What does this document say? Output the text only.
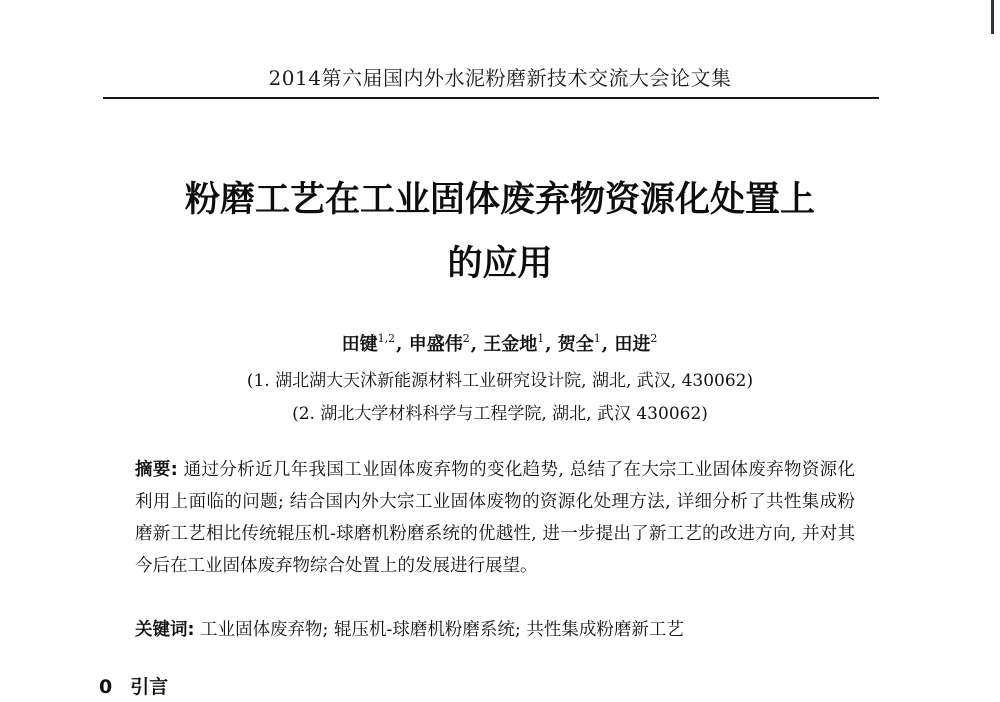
2014第六届国内外水泥粉磨新技术交流大会论文集
粉磨工艺在工业固体废弃物资源化处置上
的应用
田键$^{1,2}$, 申盛伟$^2$, 王金地$^1$, 贺全$^1$, 田进$^2$
(1. 湖北湖大天沭新能源材料工业研究设计院, 湖北, 武汉, 430062)
(2. 湖北大学材料科学与工程学院, 湖北, 武汉 430062)
摘要: 通过分析近几年我国工业固体废弃物的变化趋势, 总结了在大宗工业固体废弃物资源化利用上面临的问题; 结合国内外大宗工业固体废物的资源化处理方法, 详细分析了共性集成粉磨新工艺相比传统辊压机-球磨机粉磨系统的优越性, 进一步提出了新工艺的改进方向, 并对其今后在工业固体废弃物综合处置上的发展进行展望。
关键词: 工业固体废弃物; 辊压机-球磨机粉磨系统; 共性集成粉磨新工艺
0 引言
